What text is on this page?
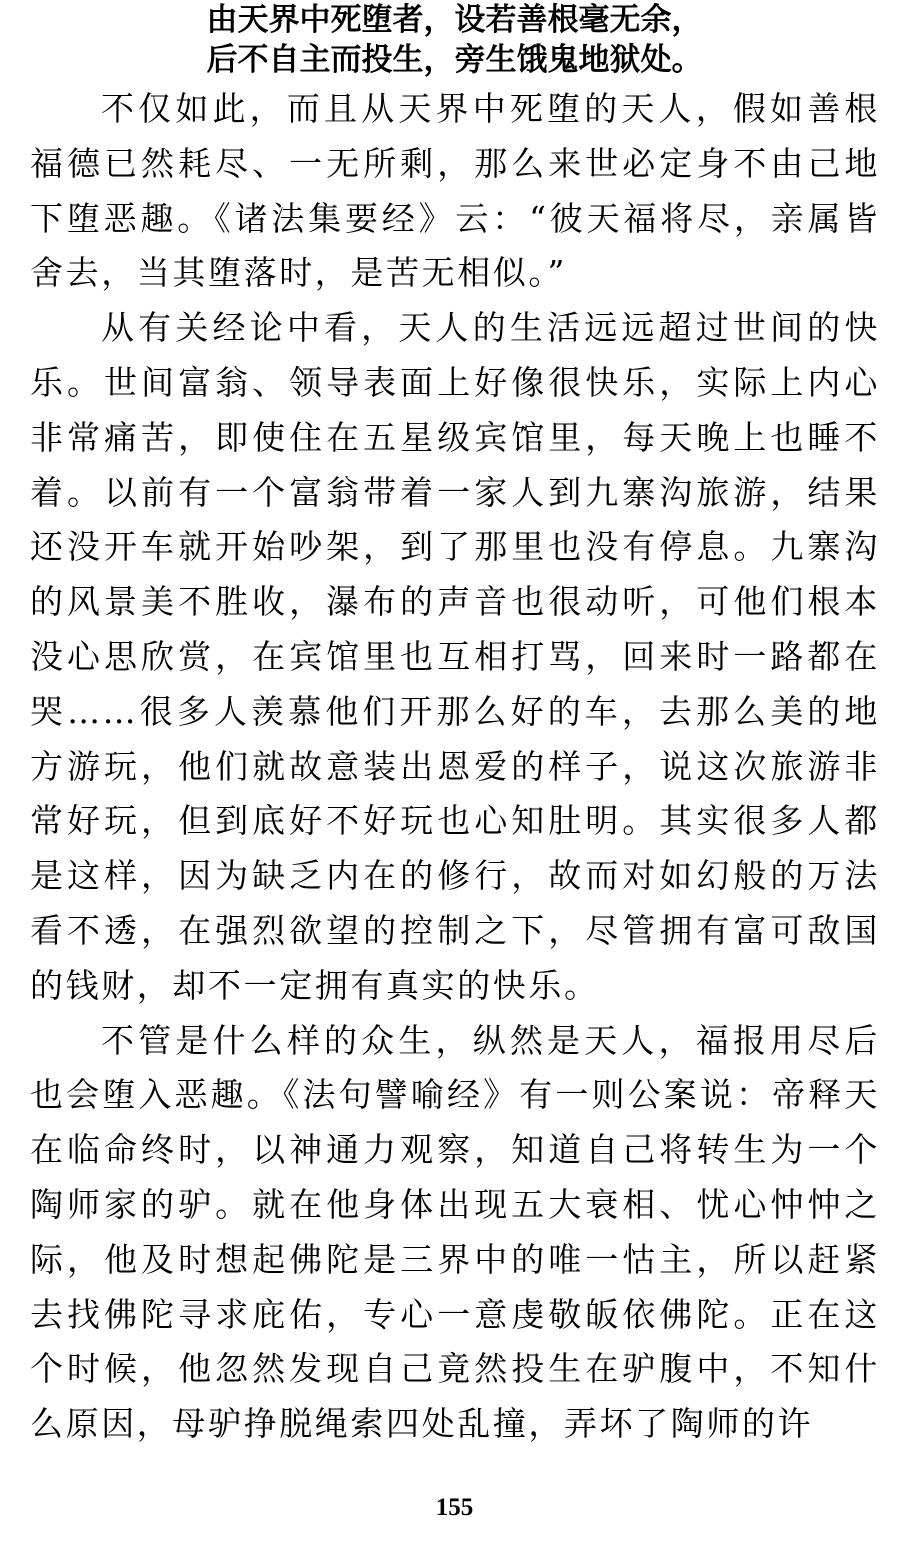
由天界中死堕者，设若善根毫无余，
后不自主而投生，旁生饿鬼地狱处。

不仅如此，而且从天界中死堕的天人，假如善根福德已然耗尽、一无所剩，那么来世必定身不由己地下堕恶趣。《诸法集要经》云：“彼天福将尽，亲属皆舍去，当其堕落时，是苦无相似。”

从有关经论中看，天人的生活远远超过世间的快乐。世间富翁、领导表面上好像很快乐，实际上内心非常痛苦，即使住在五星级宾馆里，每天晚上也睡不着。以前有一个富翁带着一家人到九寨沟旅游，结果还没开车就开始吵架，到了那里也没有停息。九寨沟的风景美不胜收，瀑布的声音也很动听，可他们根本没心思欣赏，在宾馆里也互相打骂，回来时一路都在哭……很多人羡慕他们开那么好的车，去那么美的地方游玩，他们就故意装出恩爱的样子，说这次旅游非常好玩，但到底好不好玩也心知肚明。其实很多人都是这样，因为缺乏内在的修行，故而对如幻般的万法看不透，在强烈欲望的控制之下，尽管拥有富可敌国的钱财，却不一定拥有真实的快乐。

不管是什么样的众生，纵然是天人，福报用尽后也会堕入恶趣。《法句譬喻经》有一则公案说：帝释天在临命终时，以神通力观察，知道自己将转生为一个陶师家的驴。就在他身体出现五大衰相、忧心忡忡之际，他及时想起佛陀是三界中的唯一怙主，所以赶紧去找佛陀寻求庇佑，专心一意虔敬皈依佛陀。正在这个时候，他忽然发现自己竟然投生在驴腹中，不知什么原因，母驴挣脱绳索四处乱撞，弄坏了陶师的许

155
